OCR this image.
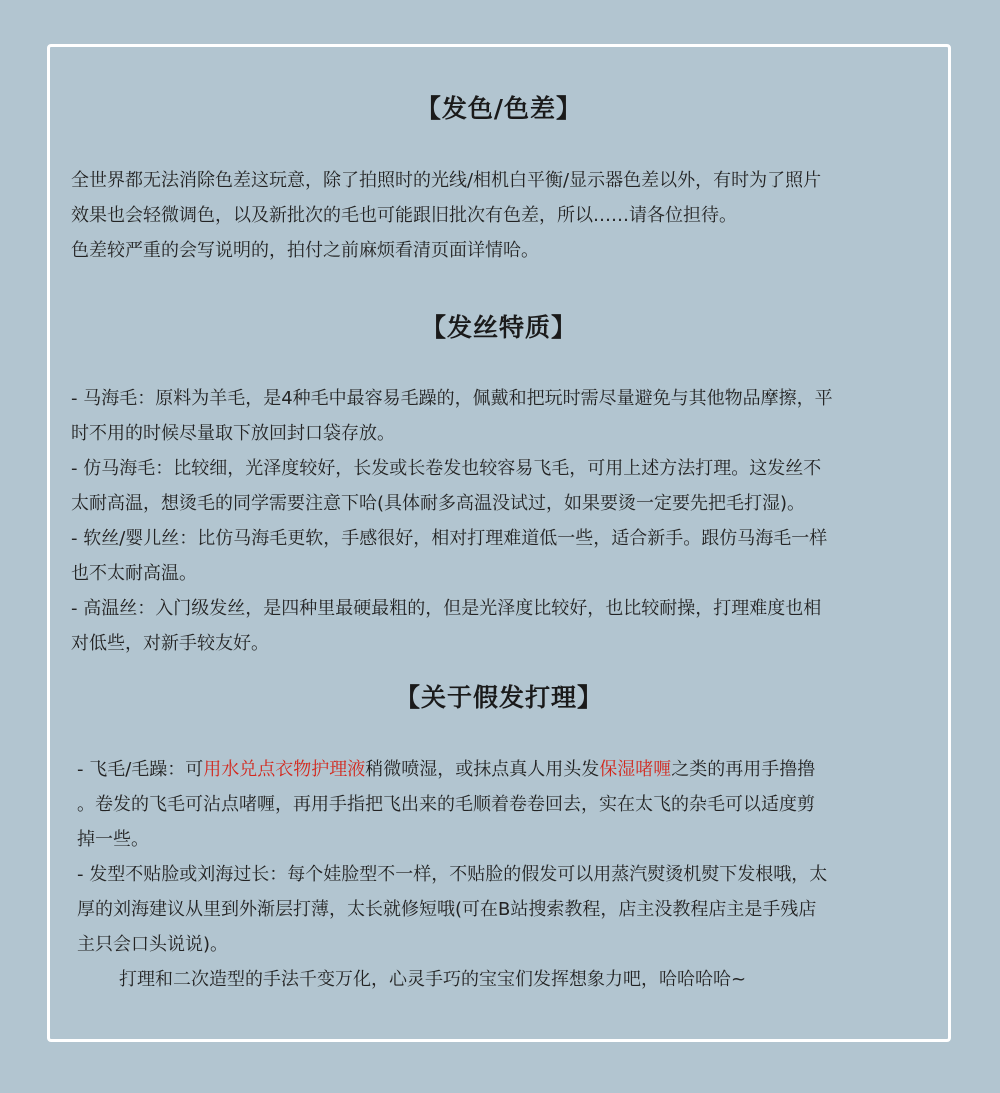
【发色/色差】

全世界都无法消除色差这玩意，除了拍照时的光线/相机白平衡/显示器色差以外，有时为了照片

效果也会轻微调色，以及新批次的毛也可能跟旧批次有色差，所以……请各位担待。

色差较严重的会写说明的，拍付之前麻烦看清页面详情哈。

【发丝特质】

- 马海毛：原料为羊毛，是4种毛中最容易毛躁的，佩戴和把玩时需尽量避免与其他物品摩擦，平

时不用的时候尽量取下放回封口袋存放。

- 仿马海毛：比较细，光泽度较好，长发或长卷发也较容易飞毛，可用上述方法打理。这发丝不

太耐高温，想烫毛的同学需要注意下哈(具体耐多高温没试过，如果要烫一定要先把毛打湿)。

- 软丝/婴儿丝：比仿马海毛更软，手感很好，相对打理难道低一些，适合新手。跟仿马海毛一样

也不太耐高温。

- 高温丝：入门级发丝，是四种里最硬最粗的，但是光泽度比较好，也比较耐操，打理难度也相

对低些，对新手较友好。

【关于假发打理】

- 飞毛/毛躁：可用水兑点衣物护理液稍微喷湿，或抹点真人用头发保湿啫喱之类的再用手撸撸

。卷发的飞毛可沾点啫喱，再用手指把飞出来的毛顺着卷卷回去，实在太飞的杂毛可以适度剪

掉一些。

- 发型不贴脸或刘海过长：每个娃脸型不一样，不贴脸的假发可以用蒸汽熨烫机熨下发根哦，太

厚的刘海建议从里到外渐层打薄，太长就修短哦(可在B站搜索教程，店主没教程店主是手残店

主只会口头说说)。

打理和二次造型的手法千变万化，心灵手巧的宝宝们发挥想象力吧，哈哈哈哈~
